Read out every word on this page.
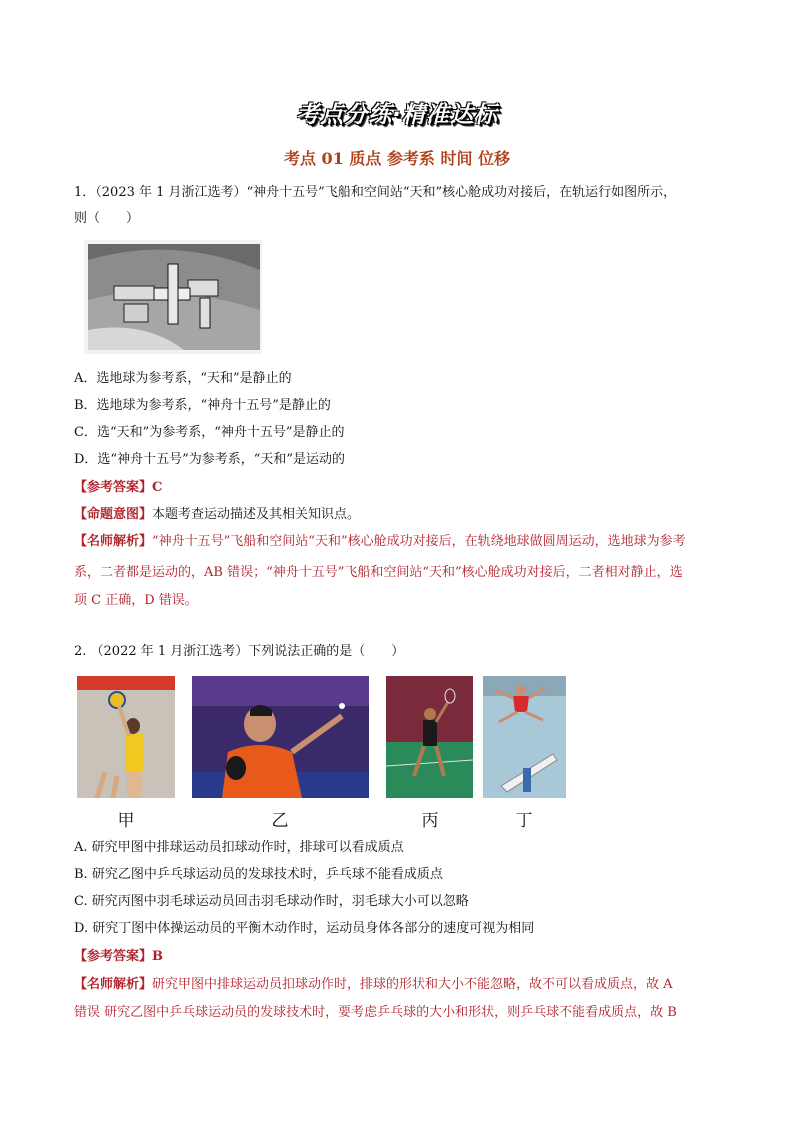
考点分练·精准达标
考点 01 质点 参考系 时间 位移
1．（2023 年 1 月浙江选考）“神舟十五号”飞船和空间站“天和”核心舱成功对接后，在轨运行如图所示，
则（　　）
A．选地球为参考系，“天和”是静止的
B．选地球为参考系，“神舟十五号”是静止的
C．选“天和”为参考系，“神舟十五号”是静止的
D．选“神舟十五号”为参考系，“天和”是运动的
【参考答案】C
【命题意图】本题考查运动描述及其相关知识点。
【名师解析】“神舟十五号”飞船和空间站“天和”核心舱成功对接后，在轨绕地球做圆周运动，选地球为参考
系，二者都是运动的，AB 错误；“神舟十五号”飞船和空间站“天和”核心舱成功对接后，二者相对静止，选
项 C 正确，D 错误。
2. （2022 年 1 月浙江选考）下列说法正确的是（　　）
甲	乙	丙	丁
A. 研究甲图中排球运动员扣球动作时，排球可以看成质点
B. 研究乙图中乒乓球运动员的发球技术时，乒乓球不能看成质点
C. 研究丙图中羽毛球运动员回击羽毛球动作时，羽毛球大小可以忽略
D. 研究丁图中体操运动员的平衡木动作时，运动员身体各部分的速度可视为相同
【参考答案】B
【名师解析】研究甲图中排球运动员扣球动作时，排球的形状和大小不能忽略，故不可以看成质点，故 A
错误 研究乙图中乒乓球运动员的发球技术时，要考虑乒乓球的大小和形状，则乒乓球不能看成质点，故 B
